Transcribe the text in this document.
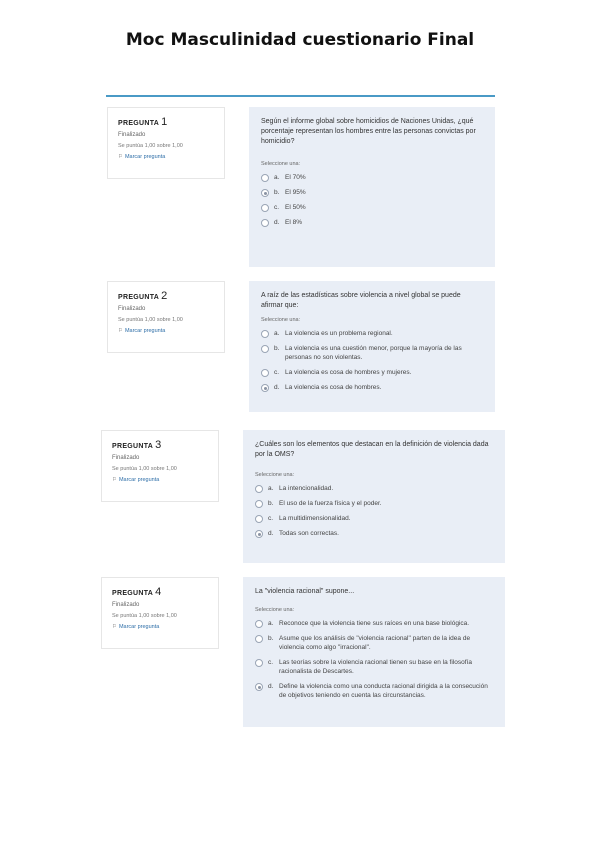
Moc Masculinidad cuestionario Final
PREGUNTA 1
Finalizado
Se puntúa 1,00 sobre 1,00
⚐ Marcar pregunta
Según el informe global sobre homicidios de Naciones Unidas, ¿qué porcentaje representan los hombres entre las personas convictas por homicidio?
Seleccione una:
a. El 70%
b. El 95%
c. El 50%
d. El 8%
PREGUNTA 2
Finalizado
Se puntúa 1,00 sobre 1,00
⚐ Marcar pregunta
A raíz de las estadísticas sobre violencia a nivel global se puede afirmar que:
Seleccione una:
a. La violencia es un problema regional.
b. La violencia es una cuestión menor, porque la mayoría de las personas no son violentas.
c. La violencia es cosa de hombres y mujeres.
d. La violencia es cosa de hombres.
PREGUNTA 3
Finalizado
Se puntúa 1,00 sobre 1,00
⚐ Marcar pregunta
¿Cuáles son los elementos que destacan en la definición de violencia dada por la OMS?
Seleccione una:
a. La intencionalidad.
b. El uso de la fuerza física y el poder.
c. La multidimensionalidad.
d. Todas son correctas.
PREGUNTA 4
Finalizado
Se puntúa 1,00 sobre 1,00
⚐ Marcar pregunta
La "violencia racional" supone...
Seleccione una:
a. Reconoce que la violencia tiene sus raíces en una base biológica.
b. Asume que los análisis de "violencia racional" parten de la idea de violencia como algo "irracional".
c. Las teorías sobre la violencia racional tienen su base en la filosofía racionalista de Descartes.
d. Define la violencia como una conducta racional dirigida a la consecución de objetivos teniendo en cuenta las circunstancias.
